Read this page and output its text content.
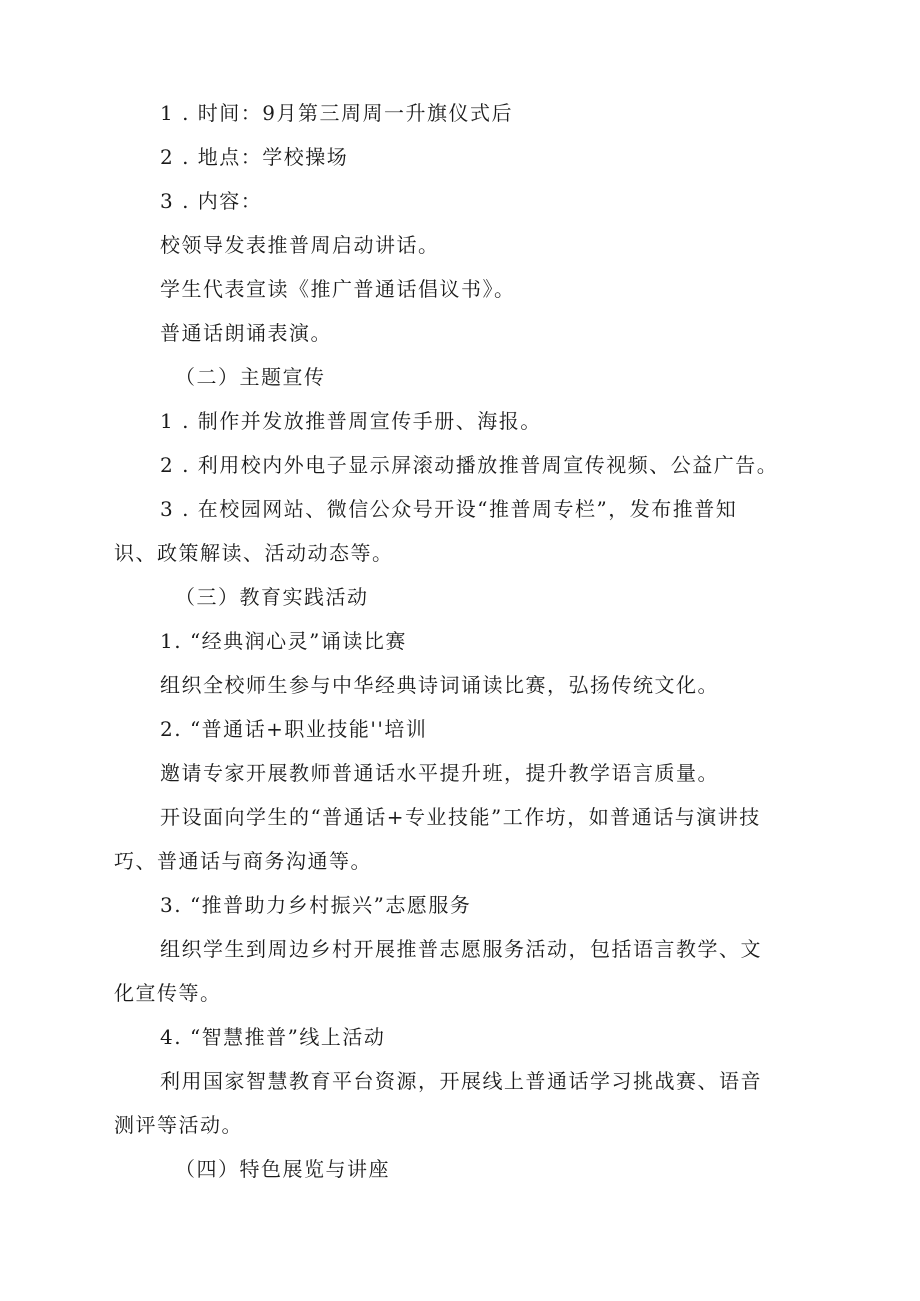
1 . 时间：9月第三周周一升旗仪式后
2 . 地点：学校操场
3 . 内容：
校领导发表推普周启动讲话。
学生代表宣读《推广普通话倡议书》。
普通话朗诵表演。
（二）主题宣传
1 . 制作并发放推普周宣传手册、海报。
2 . 利用校内外电子显示屏滚动播放推普周宣传视频、公益广告。
3 . 在校园网站、微信公众号开设“推普周专栏”，发布推普知
识、政策解读、活动动态等。
（三）教育实践活动
1. “经典润心灵”诵读比赛
组织全校师生参与中华经典诗词诵读比赛，弘扬传统文化。
2. “普通话+职业技能''培训
邀请专家开展教师普通话水平提升班，提升教学语言质量。
开设面向学生的“普通话+专业技能”工作坊，如普通话与演讲技
巧、普通话与商务沟通等。
3. “推普助力乡村振兴”志愿服务
组织学生到周边乡村开展推普志愿服务活动，包括语言教学、文
化宣传等。
4. “智慧推普”线上活动
利用国家智慧教育平台资源，开展线上普通话学习挑战赛、语音
测评等活动。
（四）特色展览与讲座
